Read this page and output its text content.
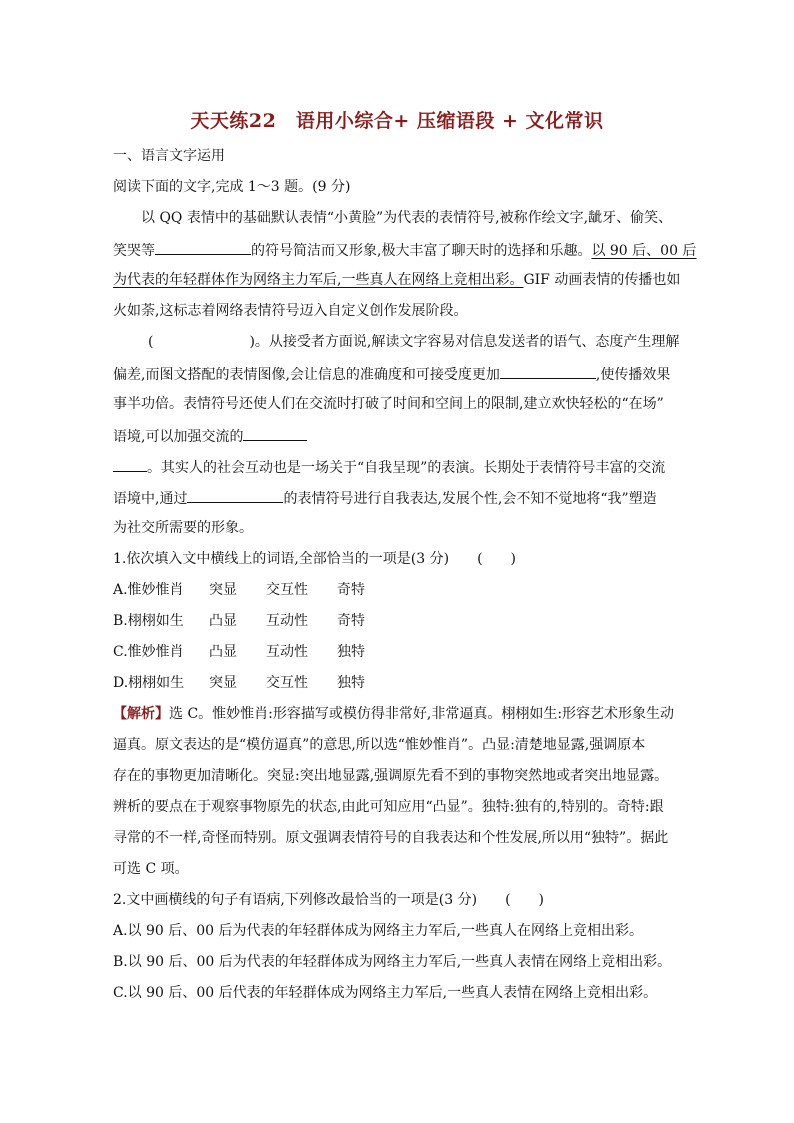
天天练22　语用小综合+ 压缩语段 + 文化常识
一、语言文字运用
阅读下面的文字,完成 1～3 题。(9 分)
以 QQ 表情中的基础默认表情“小黄脸”为代表的表情符号,被称作绘文字,龇牙、偷笑、
笑哭等	的符号简洁而又形象,极大丰富了聊天时的选择和乐趣。以 90 后、00 后
为代表的年轻群体作为网络主力军后,一些真人在网络上竞相出彩。GIF 动画表情的传播也如
火如荼,这标志着网络表情符号迈入自定义创作发展阶段。
(	)。从接受者方面说,解读文字容易对信息发送者的语气、态度产生理解
偏差,而图文搭配的表情图像,会让信息的准确度和可接受度更加	,使传播效果
事半功倍。表情符号还使人们在交流时打破了时间和空间上的限制,建立欢快轻松的“在场”
语境,可以加强交流的
。其实人的社会互动也是一场关于“自我呈现”的表演。长期处于表情符号丰富的交流
语境中,通过	的表情符号进行自我表达,发展个性,会不知不觉地将“我”塑造
为社交所需要的形象。
1.依次填入文中横线上的词语,全部恰当的一项是(3 分)　　(　　)
A.惟妙惟肖 突显 交互性 奇特
B.栩栩如生 凸显 互动性 奇特
C.惟妙惟肖 凸显 互动性 独特
D.栩栩如生 突显 交互性 独特
【解析】选 C。惟妙惟肖:形容描写或模仿得非常好,非常逼真。栩栩如生:形容艺术形象生动
逼真。原文表达的是“模仿逼真”的意思,所以选“惟妙惟肖”。凸显:清楚地显露,强调原本
存在的事物更加清晰化。突显:突出地显露,强调原先看不到的事物突然地或者突出地显露。
辨析的要点在于观察事物原先的状态,由此可知应用“凸显”。独特:独有的,特别的。奇特:跟
寻常的不一样,奇怪而特别。原文强调表情符号的自我表达和个性发展,所以用“独特”。据此
可选 C 项。
2.文中画横线的句子有语病,下列修改最恰当的一项是(3 分)　　(　　)
A.以 90 后、00 后为代表的年轻群体成为网络主力军后,一些真人在网络上竞相出彩。
B.以 90 后、00 后为代表的年轻群体成为网络主力军后,一些真人表情在网络上竞相出彩。
C.以 90 后、00 后代表的年轻群体成为网络主力军后,一些真人表情在网络上竞相出彩。
